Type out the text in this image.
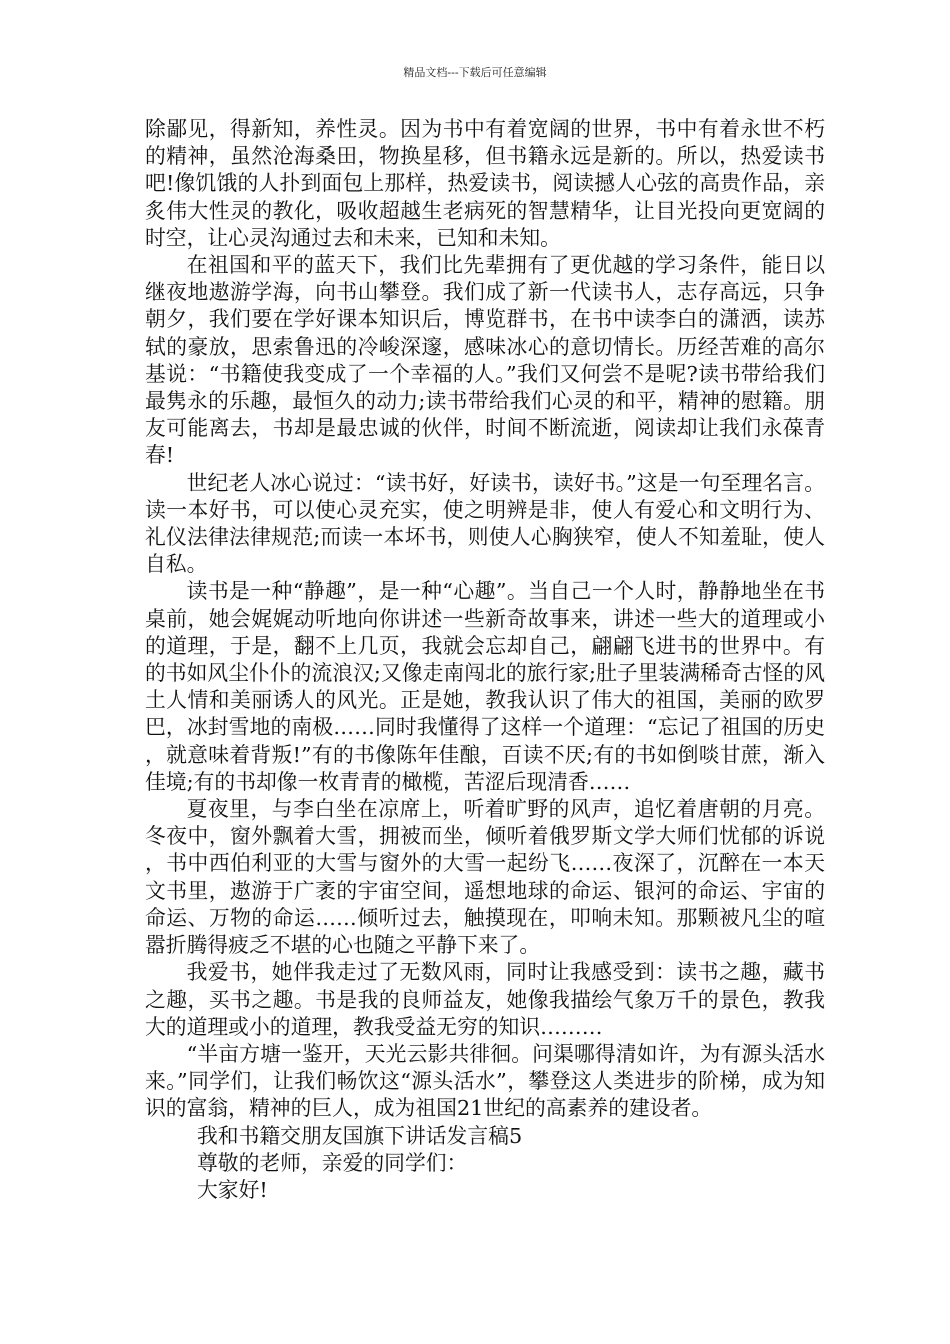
精品文档---下载后可任意编辑

除鄙见，得新知，养性灵。因为书中有着宽阔的世界，书中有着永世不朽的精神，虽然沧海桑田，物换星移，但书籍永远是新的。所以，热爱读书吧!像饥饿的人扑到面包上那样，热爱读书，阅读撼人心弦的高贵作品，亲炙伟大性灵的教化，吸收超越生老病死的智慧精华，让目光投向更宽阔的时空，让心灵沟通过去和未来，已知和未知。

在祖国和平的蓝天下，我们比先辈拥有了更优越的学习条件，能日以继夜地遨游学海，向书山攀登。我们成了新一代读书人，志存高远，只争朝夕，我们要在学好课本知识后，博览群书，在书中读李白的潇洒，读苏轼的豪放，思索鲁迅的冷峻深邃，感味冰心的意切情长。历经苦难的高尔基说：“书籍使我变成了一个幸福的人。”我们又何尝不是呢?读书带给我们最隽永的乐趣，最恒久的动力;读书带给我们心灵的和平，精神的慰籍。朋友可能离去，书却是最忠诚的伙伴，时间不断流逝，阅读却让我们永葆青春!

世纪老人冰心说过：“读书好，好读书，读好书。”这是一句至理名言。读一本好书，可以使心灵充实，使之明辨是非，使人有爱心和文明行为、礼仪法律法律规范;而读一本坏书，则使人心胸狭窄，使人不知羞耻，使人自私。

读书是一种“静趣”，是一种“心趣”。当自己一个人时，静静地坐在书桌前，她会娓娓动听地向你讲述一些新奇故事来，讲述一些大的道理或小的道理，于是，翻不上几页，我就会忘却自己，翩翩飞进书的世界中。有的书如风尘仆仆的流浪汉;又像走南闯北的旅行家;肚子里装满稀奇古怪的风土人情和美丽诱人的风光。正是她，教我认识了伟大的祖国，美丽的欧罗巴，冰封雪地的南极……同时我懂得了这样一个道理：“忘记了祖国的历史，就意味着背叛!”有的书像陈年佳酿，百读不厌;有的书如倒啖甘蔗，渐入佳境;有的书却像一枚青青的橄榄，苦涩后现清香……

夏夜里，与李白坐在凉席上，听着旷野的风声，追忆着唐朝的月亮。冬夜中，窗外飘着大雪，拥被而坐，倾听着俄罗斯文学大师们忧郁的诉说，书中西伯利亚的大雪与窗外的大雪一起纷飞……夜深了，沉醉在一本天文书里，遨游于广袤的宇宙空间，遥想地球的命运、银河的命运、宇宙的命运、万物的命运……倾听过去，触摸现在，叩响未知。那颗被凡尘的喧嚣折腾得疲乏不堪的心也随之平静下来了。

我爱书，她伴我走过了无数风雨，同时让我感受到：读书之趣，藏书之趣，买书之趣。书是我的良师益友，她像我描绘气象万千的景色，教我大的道理或小的道理，教我受益无穷的知识………

“半亩方塘一鉴开，天光云影共徘徊。问渠哪得清如许，为有源头活水来。”同学们，让我们畅饮这“源头活水”，攀登这人类进步的阶梯，成为知识的富翁，精神的巨人，成为祖国21世纪的高素养的建设者。

我和书籍交朋友国旗下讲话发言稿5

尊敬的老师，亲爱的同学们：

大家好!
